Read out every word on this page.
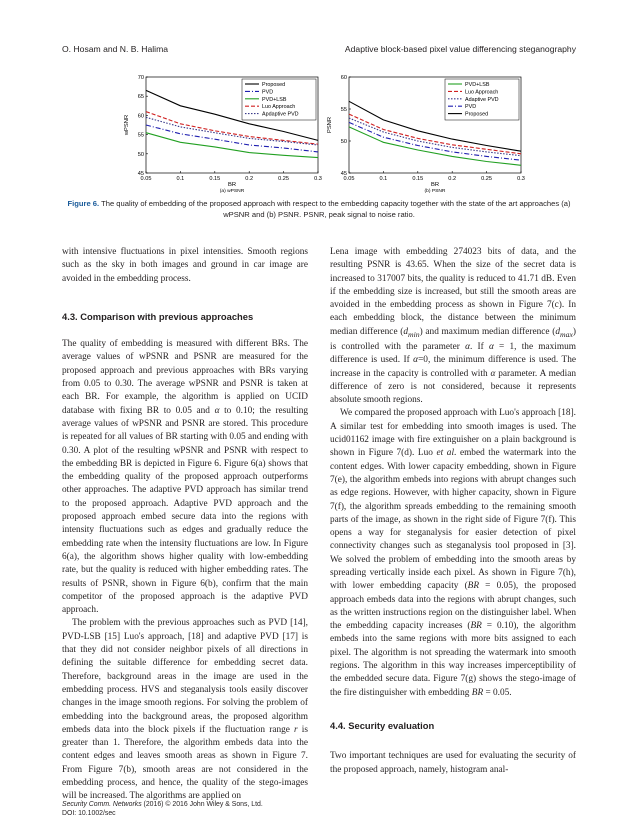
O. Hosam and N. B. Halima	Adaptive block-based pixel value differencing steganography
0.05	0.1	0.15	0.2	0.25	0.3
45
50
55
60
65
70
BR
(a) wPSNR
wPSNR
Proposed
PVD
PVD+LSB
Luo Approach
Apdaptive PVD
0.05	0.1	0.15	0.2	0.25	0.3
45
50
55
60
BR
(b) PSNR
PSNR
PVD+LSB
Luo Approach
Adaptive PVD
PVD
Proposed
Figure 6. The quality of embedding of the proposed approach with respect to the embedding capacity together with the state of the art approaches (a) wPSNR and (b) PSNR. PSNR, peak signal to noise ratio.

with intensive fluctuations in pixel intensities. Smooth regions such as the sky in both images and ground in car image are avoided in the embedding process.

4.3. Comparison with previous approaches

The quality of embedding is measured with different BRs. The average values of wPSNR and PSNR are measured for the proposed approach and previous approaches with BRs varying from 0.05 to 0.30. The average wPSNR and PSNR is taken at each BR. For example, the algorithm is applied on UCID database with fixing BR to 0.05 and α to 0.10; the resulting average values of wPSNR and PSNR are stored. This procedure is repeated for all values of BR starting with 0.05 and ending with 0.30. A plot of the resulting wPSNR and PSNR with respect to the embedding BR is depicted in Figure 6. Figure 6(a) shows that the embedding quality of the proposed approach outperforms other approaches. The adaptive PVD approach has similar trend to the proposed approach. Adaptive PVD approach and the proposed approach embed secure data into the regions with intensity fluctuations such as edges and gradually reduce the embedding rate when the intensity fluctuations are low. In Figure 6(a), the algorithm shows higher quality with low-embedding rate, but the quality is reduced with higher embedding rates. The results of PSNR, shown in Figure 6(b), confirm that the main competitor of the proposed approach is the adaptive PVD approach.

The problem with the previous approaches such as PVD [14], PVD-LSB [15] Luo's approach, [18] and adaptive PVD [17] is that they did not consider neighbor pixels of all directions in defining the suitable difference for embedding secret data. Therefore, background areas in the image are used in the embedding process. HVS and steganalysis tools easily discover changes in the image smooth regions. For solving the problem of embedding into the background areas, the proposed algorithm embeds data into the block pixels if the fluctuation range r is greater than 1. Therefore, the algorithm embeds data into the content edges and leaves smooth areas as shown in Figure 7. From Figure 7(b), smooth areas are not considered in the embedding process, and hence, the quality of the stego-images will be increased. The algorithms are applied on

Lena image with embedding 274023 bits of data, and the resulting PSNR is 43.65. When the size of the secret data is increased to 317007 bits, the quality is reduced to 41.71 dB. Even if the embedding size is increased, but still the smooth areas are avoided in the embedding process as shown in Figure 7(c). In each embedding block, the distance between the minimum median difference $(d_{min})$ and maximum median difference $(d_{max})$ is controlled with the parameter α. If α = 1, the maximum difference is used. If α=0, the minimum difference is used. The increase in the capacity is controlled with α parameter. A median difference of zero is not considered, because it represents absolute smooth regions.

We compared the proposed approach with Luo's approach [18]. A similar test for embedding into smooth images is used. The ucid01162 image with fire extinguisher on a plain background is shown in Figure 7(d). Luo et al. embed the watermark into the content edges. With lower capacity embedding, shown in Figure 7(e), the algorithm embeds into regions with abrupt changes such as edge regions. However, with higher capacity, shown in Figure 7(f), the algorithm spreads embedding to the remaining smooth parts of the image, as shown in the right side of Figure 7(f). This opens a way for steganalysis for easier detection of pixel connectivity changes such as steganalysis tool proposed in [3]. We solved the problem of embedding into the smooth areas by spreading vertically inside each pixel. As shown in Figure 7(h), with lower embedding capacity (BR = 0.05), the proposed approach embeds data into the regions with abrupt changes, such as the written instructions region on the distinguisher label. When the embedding capacity increases (BR = 0.10), the algorithm embeds into the same regions with more bits assigned to each pixel. The algorithm is not spreading the watermark into smooth regions. The algorithm in this way increases imperceptibility of the embedded secure data. Figure 7(g) shows the stego-image of the fire distinguisher with embedding BR = 0.05.

4.4. Security evaluation

Two important techniques are used for evaluating the security of the proposed approach, namely, histogram anal-

Security Comm. Networks (2016) © 2016 John Wiley & Sons, Ltd.
DOI: 10.1002/sec
